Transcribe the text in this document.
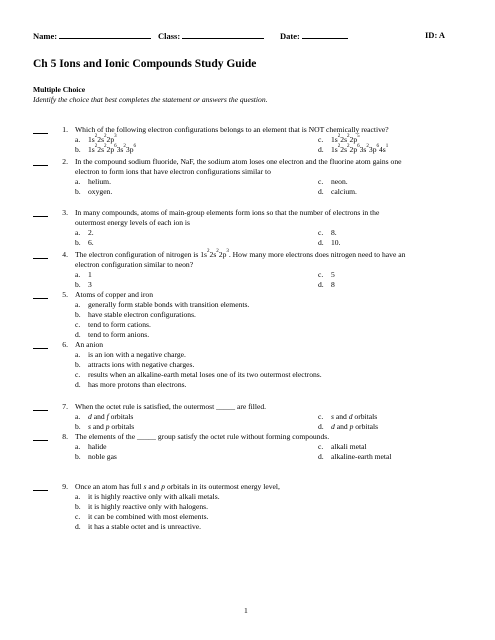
Name:	Class:	Date:	ID: A
Ch 5 Ions and Ionic Compounds Study Guide
Multiple Choice
Identify the choice that best completes the statement or answers the question.
1. Which of the following electron configurations belongs to an element that is NOT chemically reactive?
a. $1s^22s^22p^3$	c. $1s^22s^22p^5$
b. $1s^22s^22p^63s^23p^6$	d. $1s^22s^22p^63s^23p^64s^1$
2. In the compound sodium fluoride, NaF, the sodium atom loses one electron and the fluorine atom gains one
electron to form ions that have electron configurations similar to
a. helium.	c. neon.
b. oxygen.	d. calcium.
3. In many compounds, atoms of main-group elements form ions so that the number of electrons in the
outermost energy levels of each ion is
a. 2.	c. 8.
b. 6.	d. 10.
4. The electron configuration of nitrogen is $1s^22s^22p^3$. How many more electrons does nitrogen need to have an
electron configuration similar to neon?
a. 1	c. 5
b. 3	d. 8
5. Atoms of copper and iron
a. generally form stable bonds with transition elements.
b. have stable electron configurations.
c. tend to form cations.
d. tend to form anions.
6. An anion
a. is an ion with a negative charge.
b. attracts ions with negative charges.
c. results when an alkaline-earth metal loses one of its two outermost electrons.
d. has more protons than electrons.
7. When the octet rule is satisfied, the outermost _____ are filled.
a. d and f orbitals	c. s and d orbitals
b. s and p orbitals	d. d and p orbitals
8. The elements of the _____ group satisfy the octet rule without forming compounds.
a. halide	c. alkali metal
b. noble gas	d. alkaline-earth metal
9. Once an atom has full s and p orbitals in its outermost energy level,
a. it is highly reactive only with alkali metals.
b. it is highly reactive only with halogens.
c. it can be combined with most elements.
d. it has a stable octet and is unreactive.
1
